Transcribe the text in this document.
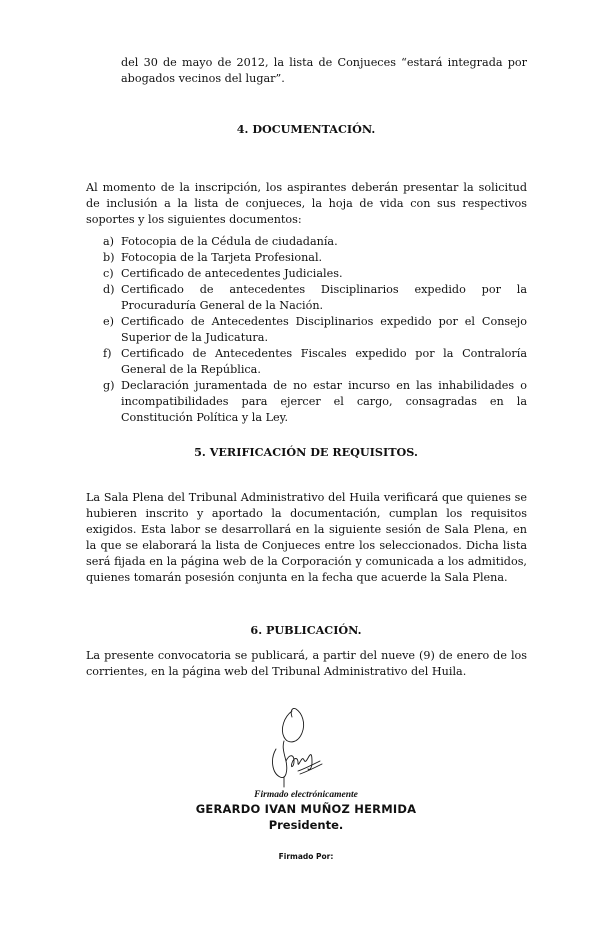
del 30 de mayo de 2012, la lista de Conjueces “estará integrada por abogados vecinos del lugar”.

4. DOCUMENTACIÓN.

Al momento de la inscripción, los aspirantes deberán presentar la solicitud de inclusión a la lista de conjueces, la hoja de vida con sus respectivos soportes y los siguientes documentos:

a) Fotocopia de la Cédula de ciudadanía.
b) Fotocopia de la Tarjeta Profesional.
c) Certificado de antecedentes Judiciales.
d) Certificado de antecedentes Disciplinarios expedido por la Procuraduría General de la Nación.
e) Certificado de Antecedentes Disciplinarios expedido por el Consejo Superior de la Judicatura.
f) Certificado de Antecedentes Fiscales expedido por la Contraloría General de la República.
g) Declaración juramentada de no estar incurso en las inhabilidades o incompatibilidades para ejercer el cargo, consagradas en la Constitución Política y la Ley.
5. VERIFICACIÓN DE REQUISITOS.

La Sala Plena del Tribunal Administrativo del Huila verificará que quienes se hubieren inscrito y aportado la documentación, cumplan los requisitos exigidos. Esta labor se desarrollará en la siguiente sesión de Sala Plena, en la que se elaborará la lista de Conjueces entre los seleccionados. Dicha lista será fijada en la página web de la Corporación y comunicada a los admitidos, quienes tomarán posesión conjunta en la fecha que acuerde la Sala Plena.

6. PUBLICACIÓN.

La presente convocatoria se publicará, a partir del nueve (9) de enero de los corrientes, en la página web del Tribunal Administrativo del Huila.

Firmado electrónicamente
GERARDO IVAN MUÑOZ HERMIDA
Presidente.
Firmado Por:
